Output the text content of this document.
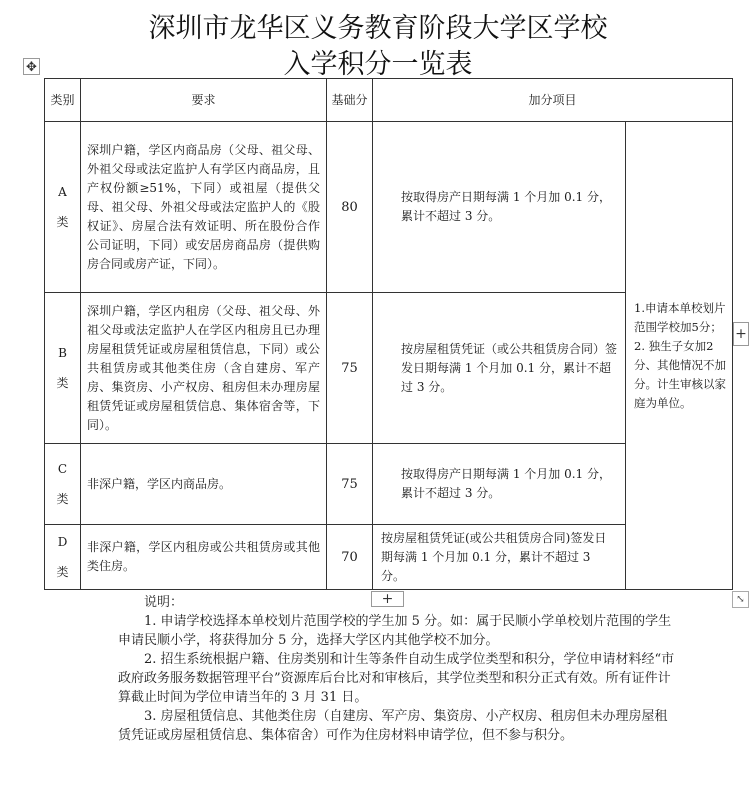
深圳市龙华区义务教育阶段大学区学校
入学积分一览表
✥
类别	要求	基础分	加分项目	

A
类	深圳户籍，学区内商品房（父母、祖父母、外祖父母或法定监护人有学区内商品房，且产权份额≥51%，下同）或祖屋（提供父母、祖父母、外祖父母或法定监护人的《股权证》、房屋合法有效证明、所在股份合作公司证明，下同）或安居房商品房（提供购房合同或房产证，下同）。	80	按取得房产日期每满 1 个月加 0.1 分，累计不超过 3 分。	1.申请本单校划片范围学校加5分；2. 独生子女加2分、其他情况不加分。计生审核以家庭为单位。

B
类	深圳户籍，学区内租房（父母、祖父母、外祖父母或法定监护人在学区内租房且已办理房屋租赁凭证或房屋租赁信息，下同）或公共租赁房或其他类住房（含自建房、军产房、集资房、小产权房、租房但未办理房屋租赁凭证或房屋租赁信息、集体宿舍等，下同）。	75	按房屋租赁凭证（或公共租赁房合同）签发日期每满 1 个月加 0.1 分，累计不超过 3 分。	

C
类	非深户籍，学区内商品房。	75	按取得房产日期每满 1 个月加 0.1 分，累计不超过 3 分。	

D
类	非深户籍，学区内租房或公共租赁房或其他类住房。	70	按房屋租赁凭证(或公共租赁房合同)签发日期每满 1 个月加 0.1 分，累计不超过 3 分。	
+
+	⤡

说明：

1. 申请学校选择本单校划片范围学校的学生加 5 分。如：属于民顺小学单校划片范围的学生申请民顺小学，将获得加分 5 分，选择大学区内其他学校不加分。

2. 招生系统根据户籍、住房类别和计生等条件自动生成学位类型和积分，学位申请材料经“市政府政务服务数据管理平台”资源库后台比对和审核后，其学位类型和积分正式有效。所有证件计算截止时间为学位申请当年的 3 月 31 日。

3. 房屋租赁信息、其他类住房（自建房、军产房、集资房、小产权房、租房但未办理房屋租赁凭证或房屋租赁信息、集体宿舍）可作为住房材料申请学位，但不参与积分。
